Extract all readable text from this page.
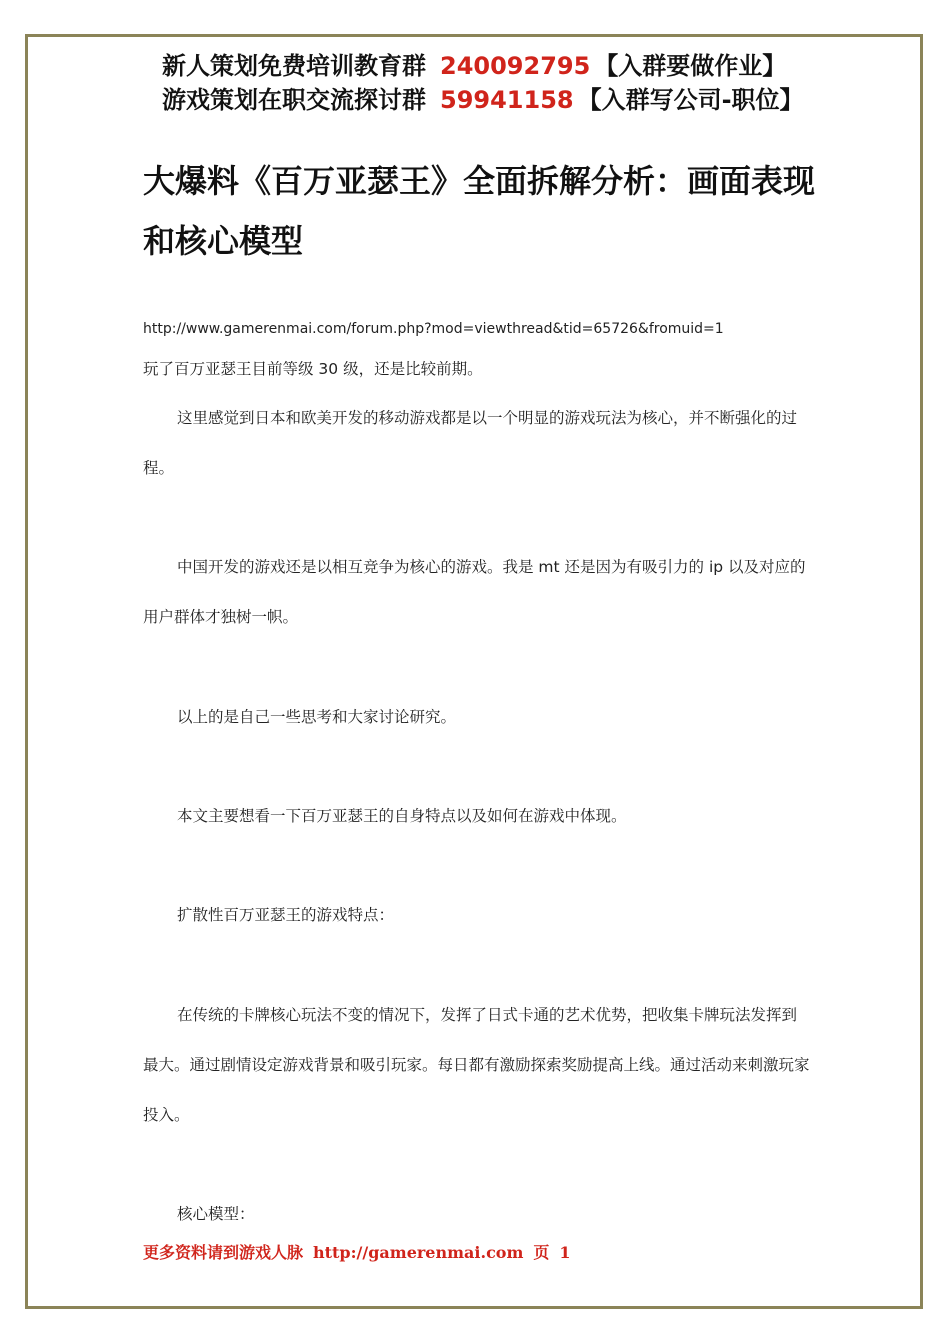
新人策划免费培训教育群 240092795 【入群要做作业】
游戏策划在职交流探讨群 59941158 【入群写公司-职位】
大爆料《百万亚瑟王》全面拆解分析：画面表现和核心模型
http://www.gamerenmai.com/forum.php?mod=viewthread&tid=65726&fromuid=1
玩了百万亚瑟王目前等级 30 级，还是比较前期。
这里感觉到日本和欧美开发的移动游戏都是以一个明显的游戏玩法为核心，并不断强化的过程。
中国开发的游戏还是以相互竞争为核心的游戏。我是 mt 还是因为有吸引力的 ip 以及对应的用户群体才独树一帜。
以上的是自己一些思考和大家讨论研究。
本文主要想看一下百万亚瑟王的自身特点以及如何在游戏中体现。
扩散性百万亚瑟王的游戏特点：
在传统的卡牌核心玩法不变的情况下，发挥了日式卡通的艺术优势，把收集卡牌玩法发挥到最大。通过剧情设定游戏背景和吸引玩家。每日都有激励探索奖励提高上线。通过活动来刺激玩家投入。
核心模型：
更多资料请到游戏人脉 http://gamerenmai.com 页 1
